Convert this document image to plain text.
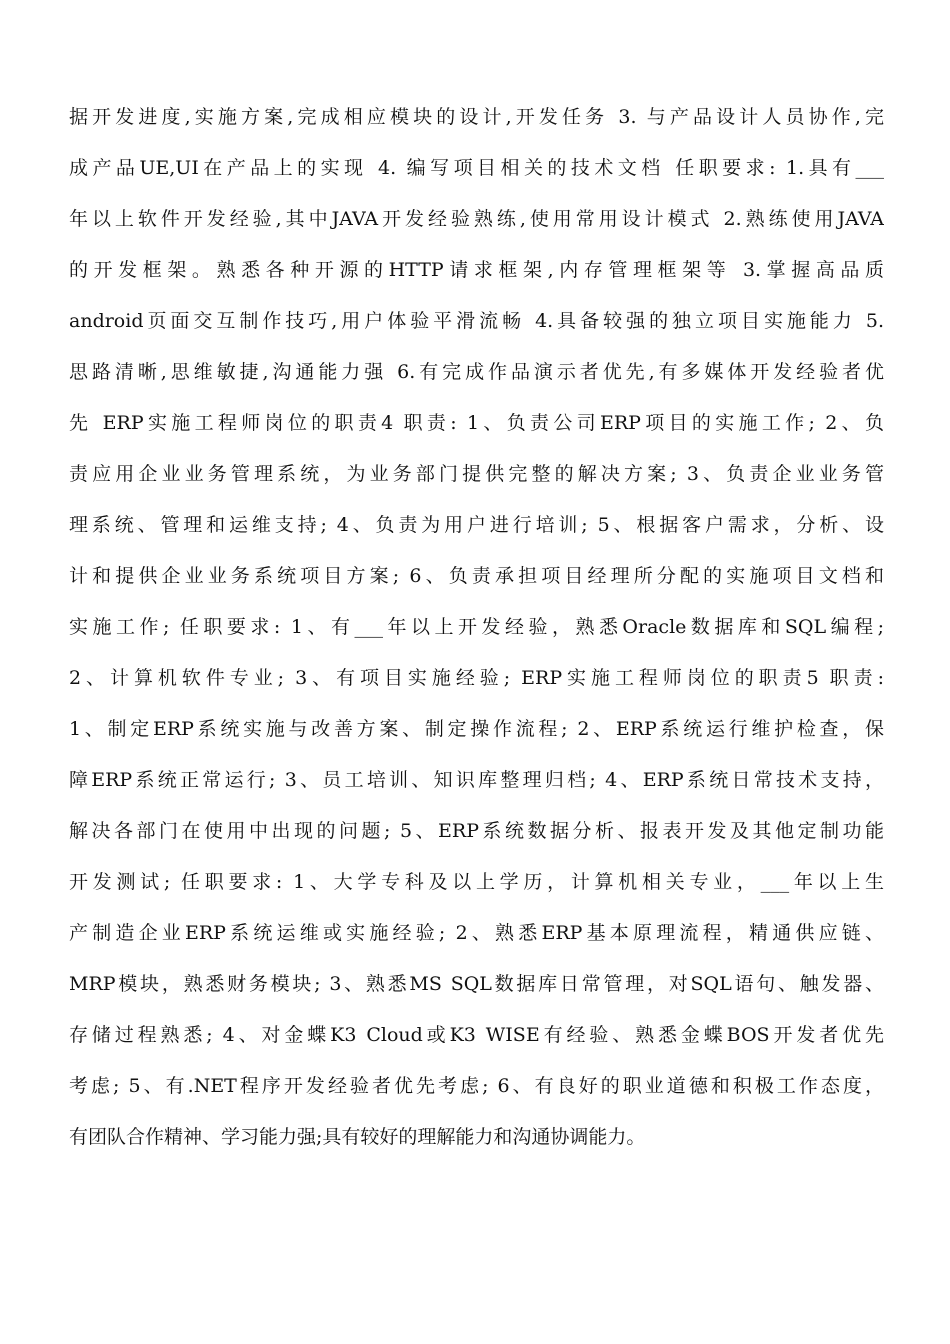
据开发进度,实施方案,完成相应模块的设计,开发任务 3. 与产品设计人员协作,完
成产品UE,UI在产品上的实现 4. 编写项目相关的技术文档 任职要求: 1.具有___
年以上软件开发经验,其中JAVA开发经验熟练,使用常用设计模式 2.熟练使用JAVA
的开发框架。熟悉各种开源的HTTP请求框架,内存管理框架等 3.掌握高品质
android页面交互制作技巧,用户体验平滑流畅 4.具备较强的独立项目实施能力 5.
思路清晰,思维敏捷,沟通能力强 6.有完成作品演示者优先,有多媒体开发经验者优
先 ERP实施工程师岗位的职责4 职责: 1、负责公司ERP项目的实施工作; 2、负
责应用企业业务管理系统，为业务部门提供完整的解决方案; 3、负责企业业务管
理系统、管理和运维支持; 4、负责为用户进行培训; 5、根据客户需求，分析、设
计和提供企业业务系统项目方案; 6、负责承担项目经理所分配的实施项目文档和
实施工作; 任职要求: 1、有___年以上开发经验，熟悉Oracle数据库和SQL编程;
2、计算机软件专业; 3、有项目实施经验; ERP实施工程师岗位的职责5 职责:
1、制定ERP系统实施与改善方案、制定操作流程; 2、ERP系统运行维护检查，保
障ERP系统正常运行; 3、员工培训、知识库整理归档; 4、ERP系统日常技术支持，
解决各部门在使用中出现的问题; 5、ERP系统数据分析、报表开发及其他定制功能
开发测试; 任职要求: 1、大学专科及以上学历，计算机相关专业，___年以上生
产制造企业ERP系统运维或实施经验; 2、熟悉ERP基本原理流程，精通供应链、
MRP模块，熟悉财务模块; 3、熟悉MS SQL数据库日常管理，对SQL语句、触发器、
存储过程熟悉; 4、对金蝶K3 Cloud或K3 WISE有经验、熟悉金蝶BOS开发者优先
考虑; 5、有.NET程序开发经验者优先考虑; 6、有良好的职业道德和积极工作态度，
有团队合作精神、学习能力强;具有较好的理解能力和沟通协调能力。
